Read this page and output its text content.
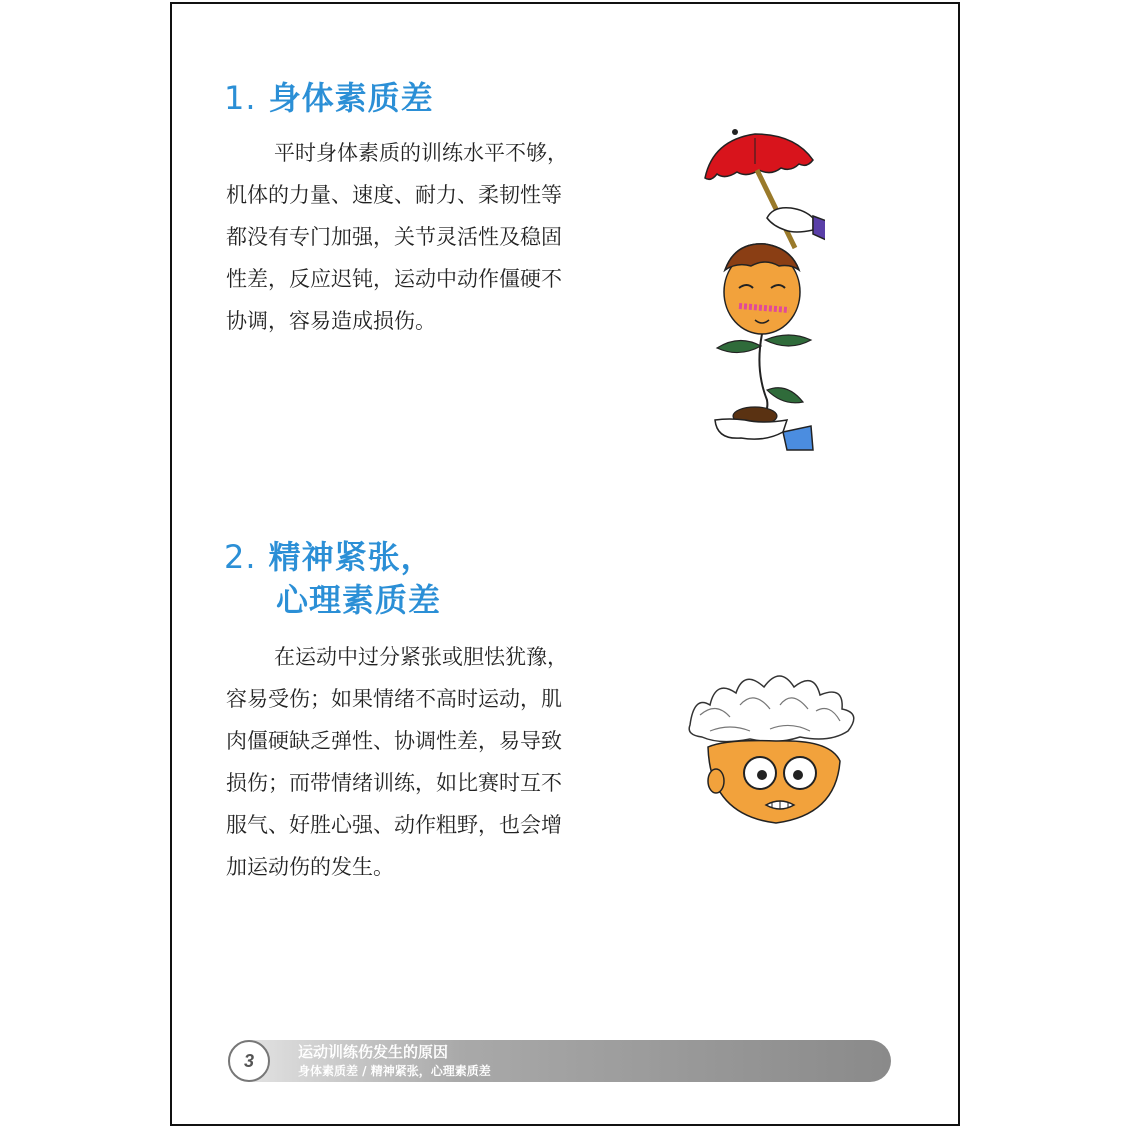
1. 身体素质差
平时身体素质的训练水平不够，
机体的力量、速度、耐力、柔韧性等
都没有专门加强，关节灵活性及稳固
性差，反应迟钝，运动中动作僵硬不
协调，容易造成损伤。
2. 精神紧张，
心理素质差
在运动中过分紧张或胆怯犹豫，
容易受伤；如果情绪不高时运动，肌
肉僵硬缺乏弹性、协调性差，易导致
损伤；而带情绪训练，如比赛时互不
服气、好胜心强、动作粗野，也会增
加运动伤的发生。
3	运动训练伤发生的原因
身体素质差 / 精神紧张，心理素质差
